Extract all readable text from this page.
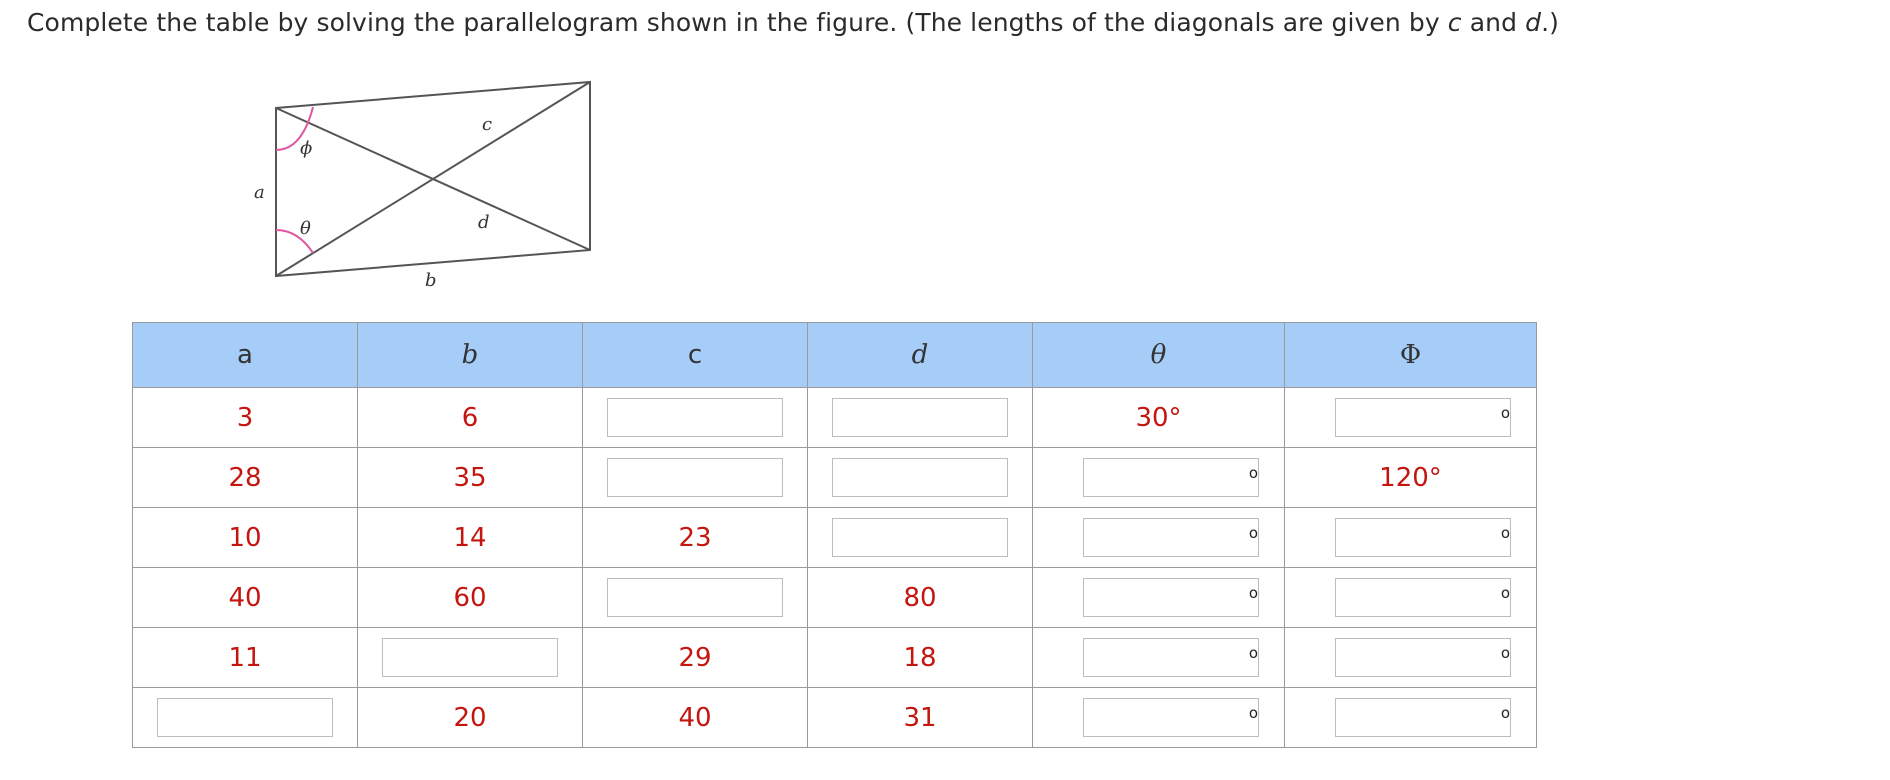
Complete the table by solving the parallelogram shown in the figure. (The lengths of the diagonals are given by c and d.)
a
b
c
d
ϕ
θ
a	b	c	d	θ	Φ
3	6			30°	o

28	35			o	120°
10	14	23		o	o

40	60		80	o	o

11		29	18	o	o

	20	40	31	o	o
